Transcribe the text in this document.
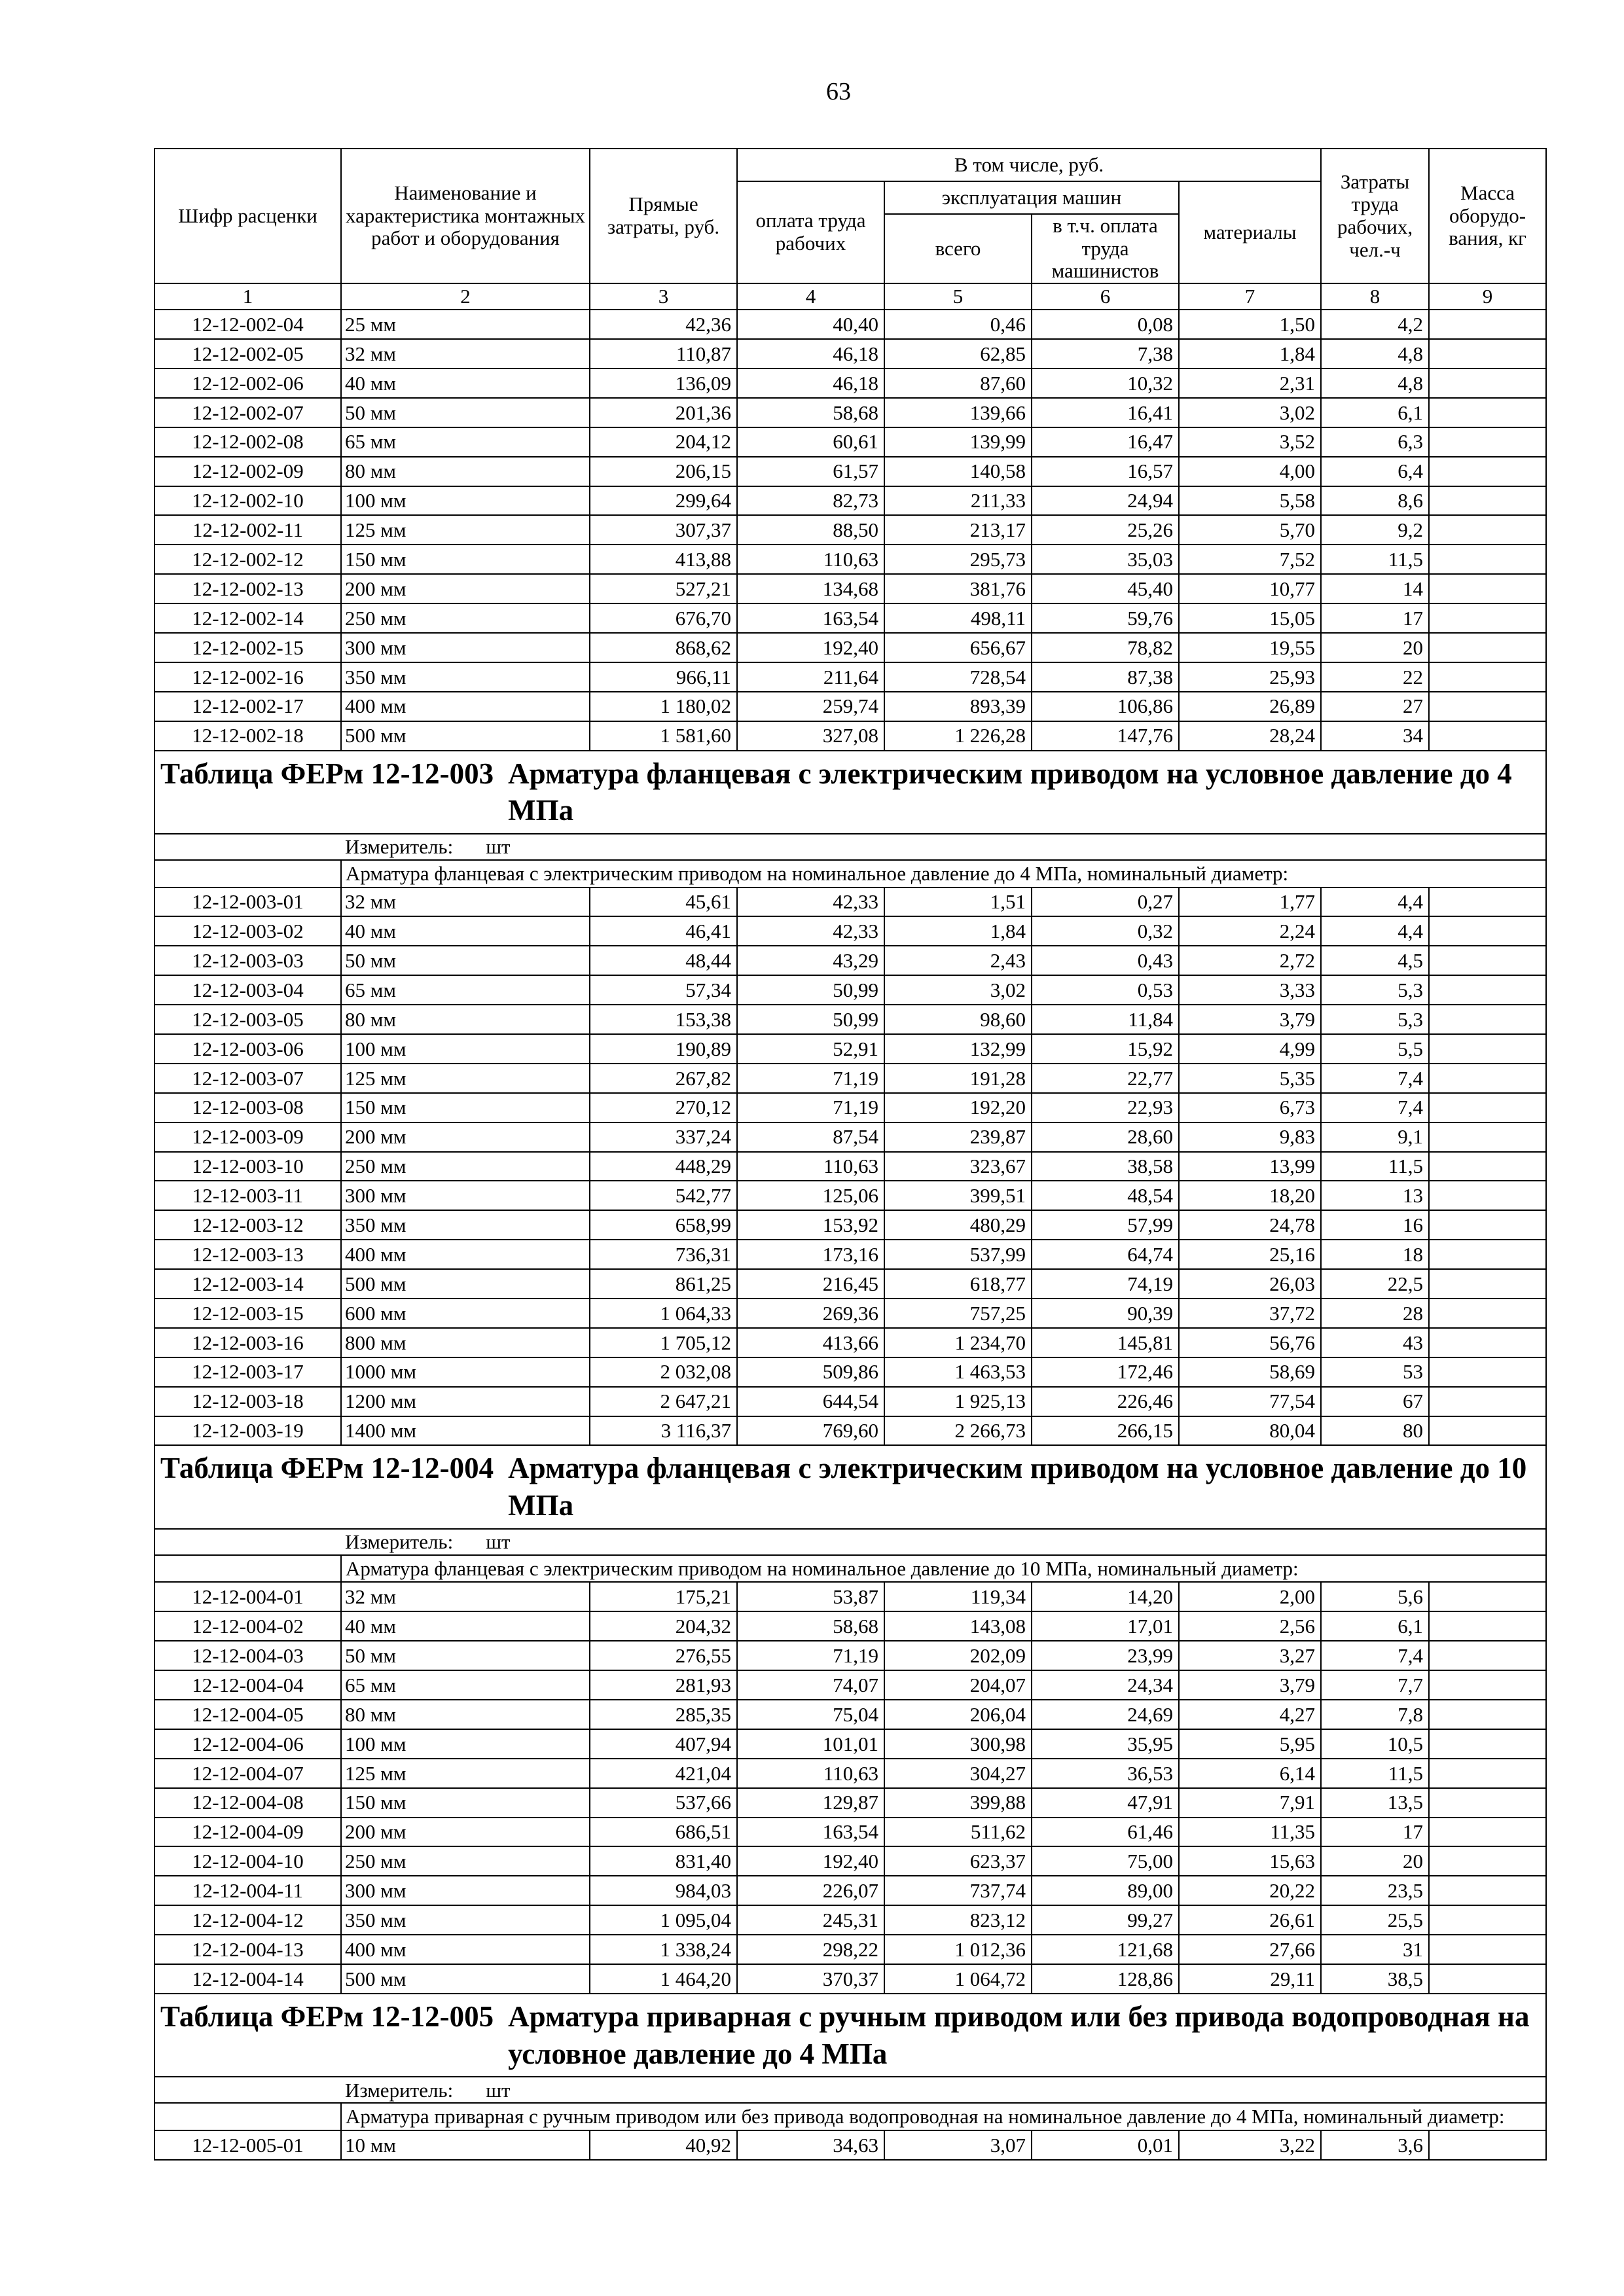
63
Шифр расценки	Наименование и характеристика монтажных работ и оборудования	Прямые затраты, руб.	В том числе, руб.				Затраты труда рабочих, чел.-ч	Масса оборудо- вания, кг
			оплата труда рабочих	эксплуатация машин		материалы		
				всего	в т.ч. оплата труда машинистов			
1	2	3	4	5	6	7	8	9
12-12-002-04	25 мм	42,36	40,40	0,46	0,08	1,50	4,2	
12-12-002-05	32 мм	110,87	46,18	62,85	7,38	1,84	4,8	
12-12-002-06	40 мм	136,09	46,18	87,60	10,32	2,31	4,8	
12-12-002-07	50 мм	201,36	58,68	139,66	16,41	3,02	6,1	
12-12-002-08	65 мм	204,12	60,61	139,99	16,47	3,52	6,3	
12-12-002-09	80 мм	206,15	61,57	140,58	16,57	4,00	6,4	
12-12-002-10	100 мм	299,64	82,73	211,33	24,94	5,58	8,6	
12-12-002-11	125 мм	307,37	88,50	213,17	25,26	5,70	9,2	
12-12-002-12	150 мм	413,88	110,63	295,73	35,03	7,52	11,5	
12-12-002-13	200 мм	527,21	134,68	381,76	45,40	10,77	14	
12-12-002-14	250 мм	676,70	163,54	498,11	59,76	15,05	17	
12-12-002-15	300 мм	868,62	192,40	656,67	78,82	19,55	20	
12-12-002-16	350 мм	966,11	211,64	728,54	87,38	25,93	22	
12-12-002-17	400 мм	1 180,02	259,74	893,39	106,86	26,89	27	
12-12-002-18	500 мм	1 581,60	327,08	1 226,28	147,76	28,24	34	

Таблица ФЕРм 12-12-003 Арматура фланцевая с электрическим приводом на условное давление до 4 МПа								

Измеритель: шт								
	Арматура фланцевая с электрическим приводом на номинальное давление до 4 МПа, номинальный диаметр:							
12-12-003-01	32 мм	45,61	42,33	1,51	0,27	1,77	4,4	
12-12-003-02	40 мм	46,41	42,33	1,84	0,32	2,24	4,4	
12-12-003-03	50 мм	48,44	43,29	2,43	0,43	2,72	4,5	
12-12-003-04	65 мм	57,34	50,99	3,02	0,53	3,33	5,3	
12-12-003-05	80 мм	153,38	50,99	98,60	11,84	3,79	5,3	
12-12-003-06	100 мм	190,89	52,91	132,99	15,92	4,99	5,5	
12-12-003-07	125 мм	267,82	71,19	191,28	22,77	5,35	7,4	
12-12-003-08	150 мм	270,12	71,19	192,20	22,93	6,73	7,4	
12-12-003-09	200 мм	337,24	87,54	239,87	28,60	9,83	9,1	
12-12-003-10	250 мм	448,29	110,63	323,67	38,58	13,99	11,5	
12-12-003-11	300 мм	542,77	125,06	399,51	48,54	18,20	13	
12-12-003-12	350 мм	658,99	153,92	480,29	57,99	24,78	16	
12-12-003-13	400 мм	736,31	173,16	537,99	64,74	25,16	18	
12-12-003-14	500 мм	861,25	216,45	618,77	74,19	26,03	22,5	
12-12-003-15	600 мм	1 064,33	269,36	757,25	90,39	37,72	28	
12-12-003-16	800 мм	1 705,12	413,66	1 234,70	145,81	56,76	43	
12-12-003-17	1000 мм	2 032,08	509,86	1 463,53	172,46	58,69	53	
12-12-003-18	1200 мм	2 647,21	644,54	1 925,13	226,46	77,54	67	
12-12-003-19	1400 мм	3 116,37	769,60	2 266,73	266,15	80,04	80	

Таблица ФЕРм 12-12-004 Арматура фланцевая с электрическим приводом на условное давление до 10 МПа								

Измеритель: шт								
	Арматура фланцевая с электрическим приводом на номинальное давление до 10 МПа, номинальный диаметр:							
12-12-004-01	32 мм	175,21	53,87	119,34	14,20	2,00	5,6	
12-12-004-02	40 мм	204,32	58,68	143,08	17,01	2,56	6,1	
12-12-004-03	50 мм	276,55	71,19	202,09	23,99	3,27	7,4	
12-12-004-04	65 мм	281,93	74,07	204,07	24,34	3,79	7,7	
12-12-004-05	80 мм	285,35	75,04	206,04	24,69	4,27	7,8	
12-12-004-06	100 мм	407,94	101,01	300,98	35,95	5,95	10,5	
12-12-004-07	125 мм	421,04	110,63	304,27	36,53	6,14	11,5	
12-12-004-08	150 мм	537,66	129,87	399,88	47,91	7,91	13,5	
12-12-004-09	200 мм	686,51	163,54	511,62	61,46	11,35	17	
12-12-004-10	250 мм	831,40	192,40	623,37	75,00	15,63	20	
12-12-004-11	300 мм	984,03	226,07	737,74	89,00	20,22	23,5	
12-12-004-12	350 мм	1 095,04	245,31	823,12	99,27	26,61	25,5	
12-12-004-13	400 мм	1 338,24	298,22	1 012,36	121,68	27,66	31	
12-12-004-14	500 мм	1 464,20	370,37	1 064,72	128,86	29,11	38,5	

Таблица ФЕРм 12-12-005 Арматура приварная с ручным приводом или без привода водопроводная на условное давление до 4 МПа								

Измеритель: шт								
	Арматура приварная с ручным приводом или без привода водопроводная на номинальное давление до 4 МПа, номинальный диаметр:							
12-12-005-01	10 мм	40,92	34,63	3,07	0,01	3,22	3,6	
